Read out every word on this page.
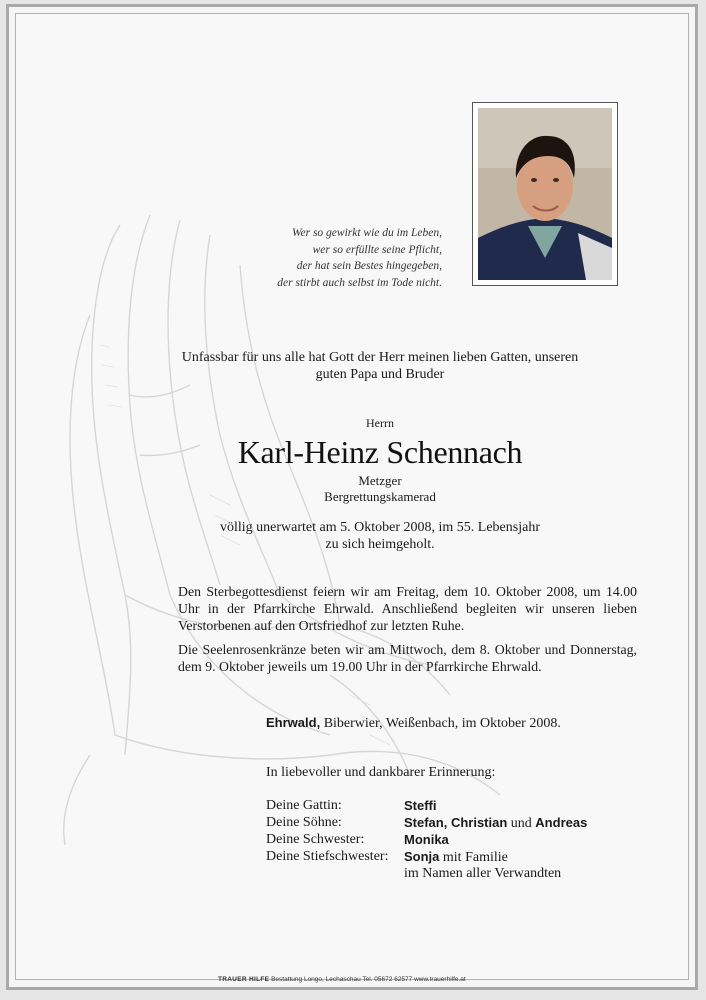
Wer so gewirkt wie du im Leben,
wer so erfüllte seine Pflicht,
der hat sein Bestes hingegeben,
der stirbt auch selbst im Tode nicht.
Unfassbar für uns alle hat Gott der Herr meinen lieben Gatten, unseren
guten Papa und Bruder
Herrn
Karl-Heinz Schennach
Metzger
Bergrettungskamerad
völlig unerwartet am 5. Oktober 2008, im 55. Lebensjahr
zu sich heimgeholt.
Den Sterbegottesdienst feiern wir am Freitag, dem 10. Oktober 2008, um 14.00 Uhr in der Pfarrkirche Ehrwald. Anschließend begleiten wir unseren lieben Verstorbenen auf den Ortsfriedhof zur letzten Ruhe.
Die Seelenrosenkränze beten wir am Mittwoch, dem 8. Oktober und Donnerstag, dem 9. Oktober jeweils um 19.00 Uhr in der Pfarrkirche Ehrwald.
Ehrwald, Biberwier, Weißenbach, im Oktober 2008.
In liebevoller und dankbarer Erinnerung:
Deine Gattin:	Steffi
Deine Söhne:	Stefan, Christian und Andreas
Deine Schwester:	Monika
Deine Stiefschwester: Sonja mit Familie
im Namen aller Verwandten
TRAUER HILFE Bestattung Longo, Lechaschau Tel. 05672 62577 www.trauerhilfe.at
